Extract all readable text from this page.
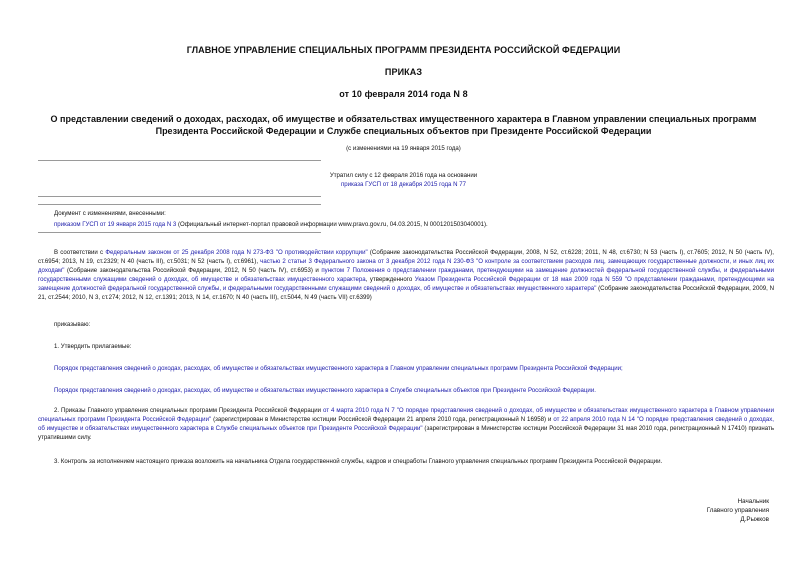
ГЛАВНОЕ УПРАВЛЕНИЕ СПЕЦИАЛЬНЫХ ПРОГРАММ ПРЕЗИДЕНТА РОССИЙСКОЙ ФЕДЕРАЦИИ
ПРИКАЗ
от 10 февраля 2014 года N 8
О представлении сведений о доходах, расходах, об имуществе и обязательствах имущественного характера в Главном управлении специальных программ
Президента Российской Федерации и Службе специальных объектов при Президенте Российской Федерации
(с изменениями на 19 января 2015 года)
Утратил силу с 12 февраля 2016 года на основании
приказа ГУСП от 18 декабря 2015 года N 77
Документ с изменениями, внесенными:
приказом ГУСП от 19 января 2015 года N 3 (Официальный интернет-портал правовой информации www.pravo.gov.ru, 04.03.2015, N 0001201503040001).
В соответствии с Федеральным законом от 25 декабря 2008 года N 273-ФЗ "О противодействии коррупции" (Собрание законодательства Российской Федерации, 2008, N 52, ст.6228; 2011, N 48, ст.6730; N 53 (часть I), ст.7605; 2012, N 50 (часть IV), ст.6954; 2013, N 19, ст.2329; N 40 (часть III), ст.5031; N 52 (часть I), ст.6961), частью 2 статьи 3 Федерального закона от 3 декабря 2012 года N 230-ФЗ "О контроле за соответствием расходов лиц, замещающих государственные должности, и иных лиц их доходам" (Собрание законодательства Российской Федерации, 2012, N 50 (часть IV), ст.6953) и пунктом 7 Положения о представлении гражданами, претендующими на замещение должностей федеральной государственной службы, и федеральными государственными служащими сведений о доходах, об имуществе и обязательствах имущественного характера, утвержденного Указом Президента Российской Федерации от 18 мая 2009 года N 559 "О представлении гражданами, претендующими на замещение должностей федеральной государственной службы, и федеральными государственными служащими сведений о доходах, об имуществе и обязательствах имущественного характера" (Собрание законодательства Российской Федерации, 2009, N 21, ст.2544; 2010, N 3, ст.274; 2012, N 12, ст.1391; 2013, N 14, ст.1670; N 40 (часть III), ст.5044, N 49 (часть VII) ст.6399)
приказываю:
1. Утвердить прилагаемые:
Порядок представления сведений о доходах, расходах, об имуществе и обязательствах имущественного характера в Главном управлении специальных программ Президента Российской Федерации;
Порядок представления сведений о доходах, расходах, об имуществе и обязательствах имущественного характера в Службе специальных объектов при Президенте Российской Федерации.
2. Приказы Главного управления специальных программ Президента Российской Федерации от 4 марта 2010 года N 7 "О порядке представления сведений о доходах, об имуществе и обязательствах имущественного характера в Главном управлении специальных программ Президента Российской Федерации" (зарегистрирован в Министерстве юстиции Российской Федерации 21 апреля 2010 года, регистрационный N 16958) и от 22 апреля 2010 года N 14 "О порядке представления сведений о доходах, об имуществе и обязательствах имущественного характера в Службе специальных объектов при Президенте Российской Федерации" (зарегистрирован в Министерстве юстиции Российской Федерации 31 мая 2010 года, регистрационный N 17410) признать утратившими силу.
3. Контроль за исполнением настоящего приказа возложить на начальника Отдела государственной службы, кадров и спецработы Главного управления специальных программ Президента Российской Федерации.
Начальник
Главного управления
Д.Рыжков
